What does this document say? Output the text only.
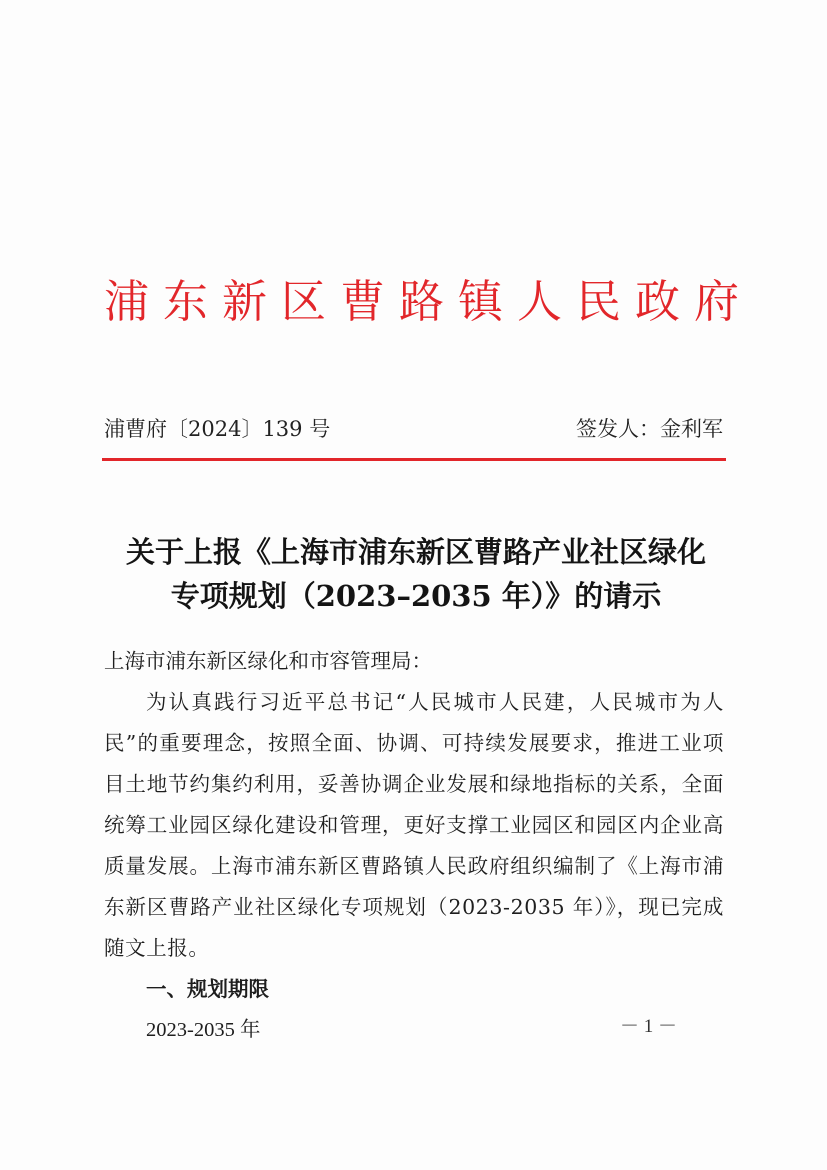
浦东新区曹路镇人民政府
浦曹府〔2024〕139 号	签发人：金利军
关于上报《上海市浦东新区曹路产业社区绿化
专项规划（2023–2035 年）》的请示
上海市浦东新区绿化和市容管理局：
为认真践行习近平总书记“人民城市人民建，人民城市为人民”的重要理念，按照全面、协调、可持续发展要求，推进工业项目土地节约集约利用，妥善协调企业发展和绿地指标的关系，全面统筹工业园区绿化建设和管理，更好支撑工业园区和园区内企业高质量发展。上海市浦东新区曹路镇人民政府组织编制了《上海市浦东新区曹路产业社区绿化专项规划（2023-2035 年）》，现已完成随文上报。
一、规划期限
2023-2035 年	－ 1 －
